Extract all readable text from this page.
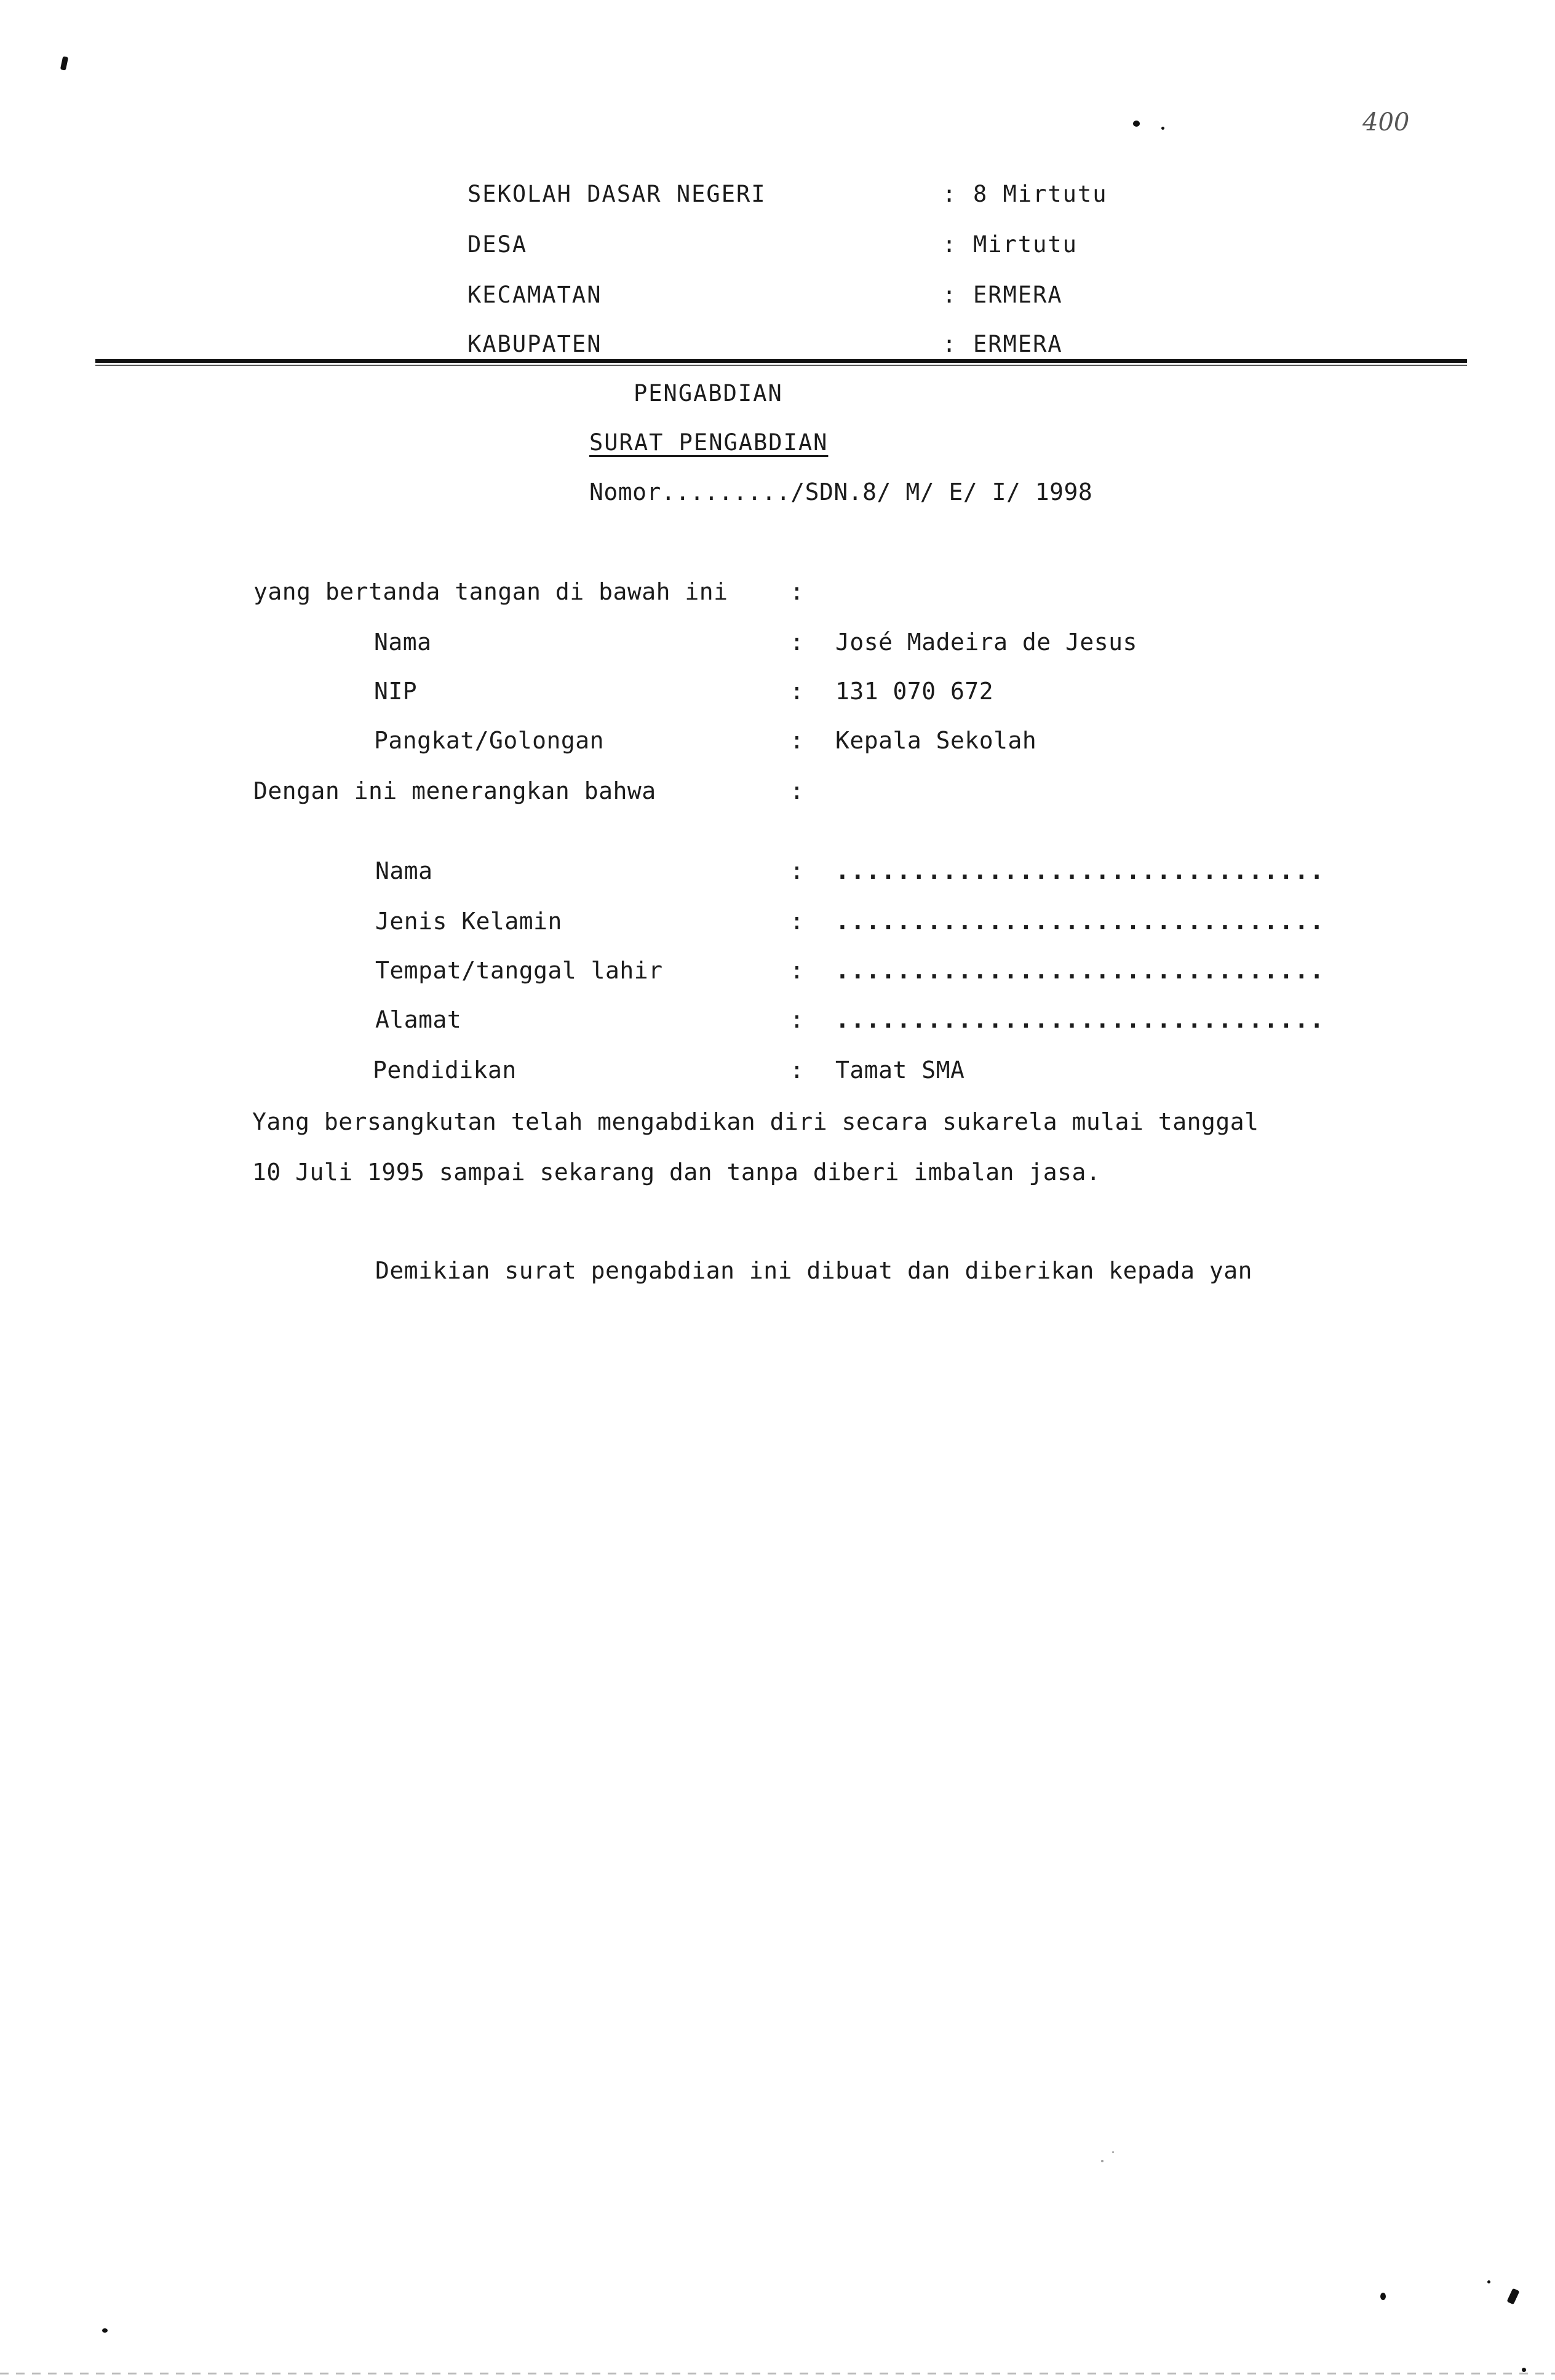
400
SEKOLAH DASAR NEGERI	: 8 Mirtutu
DESA	: Mirtutu
KECAMATAN	: ERMERA
KABUPATEN	: ERMERA
PENGABDIAN
SURAT PENGABDIAN
Nomor........./SDN.8/ M/ E/ I/ 1998
yang bertanda tangan di bawah ini	:
Nama	: José Madeira de Jesus
NIP	: 131 070 672
Pangkat/Golongan	: Kepala Sekolah
Dengan ini menerangkan bahwa	:
Nama	: ................................
Jenis Kelamin	: ................................
Tempat/tanggal lahir	: ................................
Alamat	: ................................
Pendidikan	: Tamat SMA
Yang bersangkutan telah mengabdikan diri secara sukarela mulai tanggal
10 Juli 1995 sampai sekarang dan tanpa diberi imbalan jasa.
Demikian surat pengabdian ini dibuat dan diberikan kepada yan
